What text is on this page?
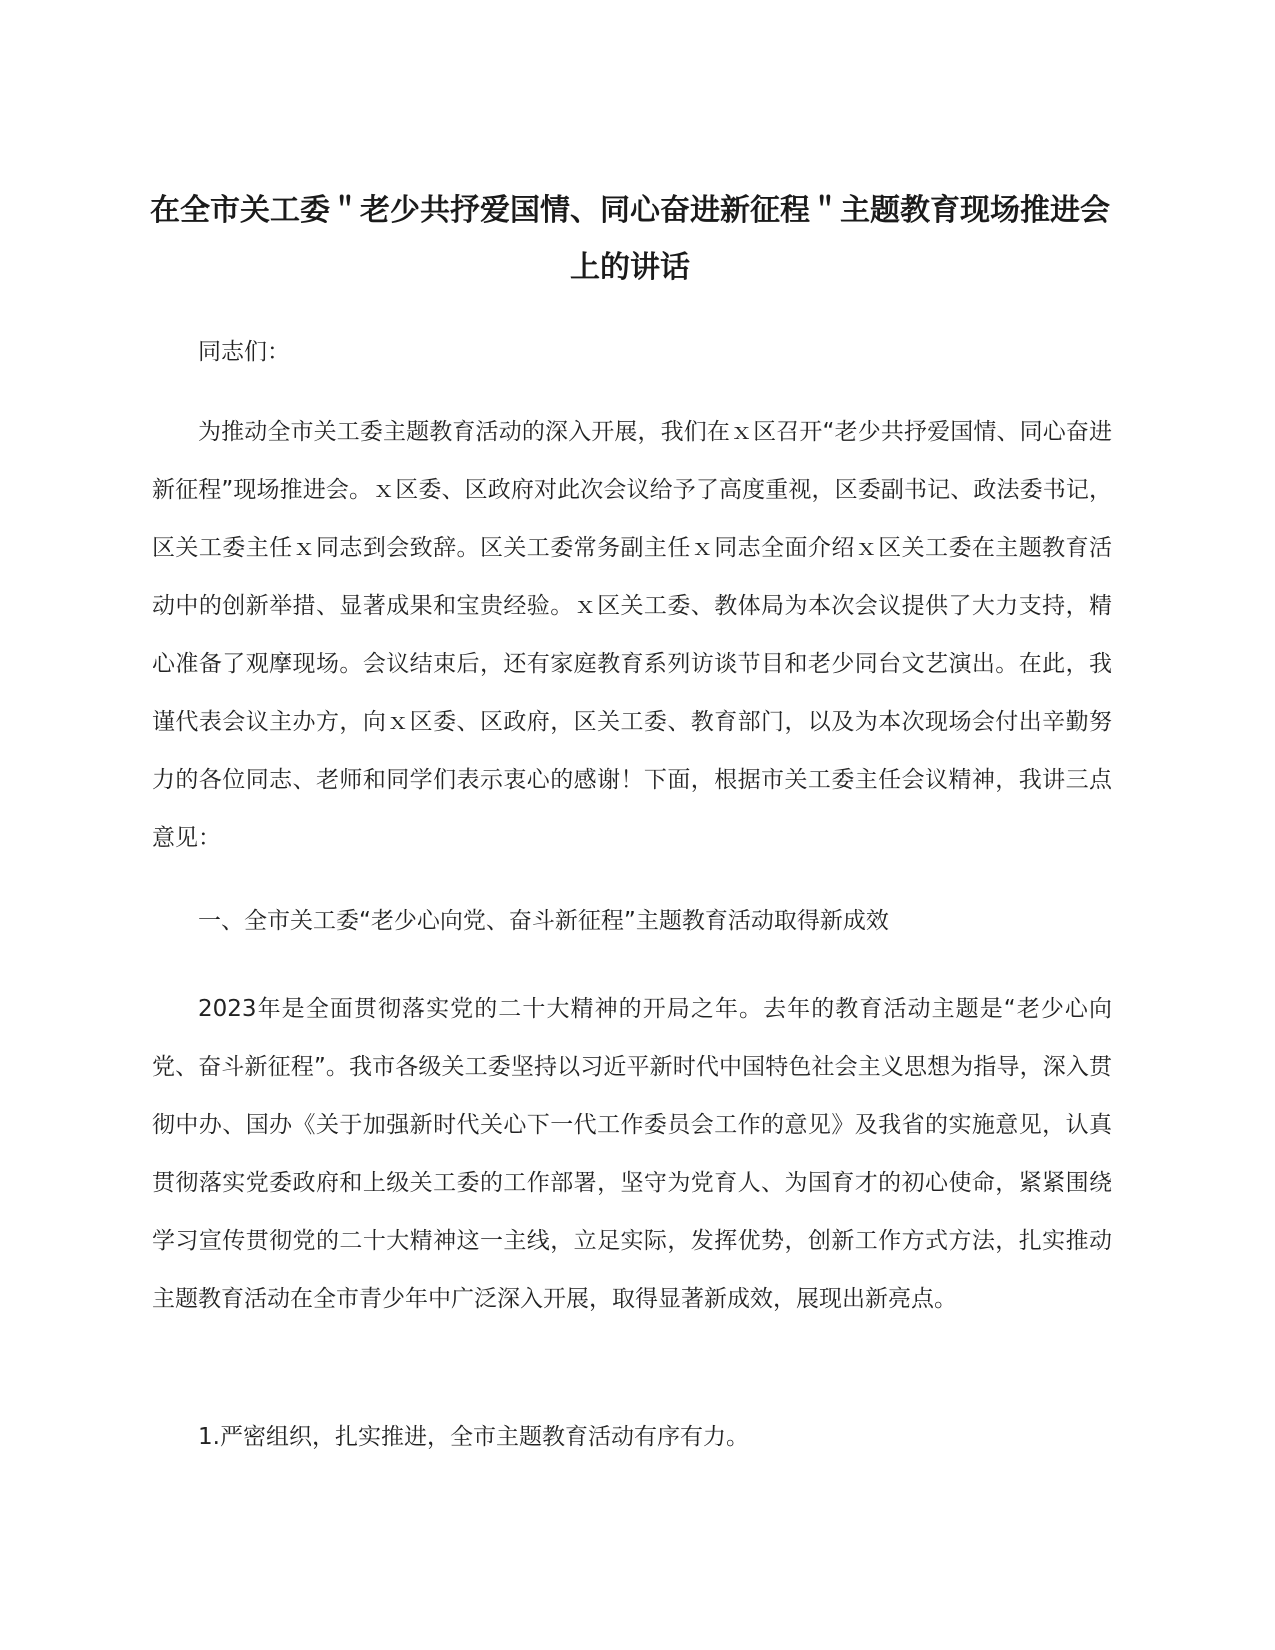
在全市关工委＂老少共抒爱国情、同心奋进新征程＂主题教育现场推进会上的讲话

同志们：

为推动全市关工委主题教育活动的深入开展，我们在ｘ区召开“老少共抒爱国情、同心奋进新征程”现场推进会。ｘ区委、区政府对此次会议给予了高度重视，区委副书记、政法委书记，区关工委主任ｘ同志到会致辞。区关工委常务副主任ｘ同志全面介绍ｘ区关工委在主题教育活动中的创新举措、显著成果和宝贵经验。ｘ区关工委、教体局为本次会议提供了大力支持，精心准备了观摩现场。会议结束后，还有家庭教育系列访谈节目和老少同台文艺演出。在此，我谨代表会议主办方，向ｘ区委、区政府，区关工委、教育部门，以及为本次现场会付出辛勤努力的各位同志、老师和同学们表示衷心的感谢！下面，根据市关工委主任会议精神，我讲三点意见：

一、全市关工委“老少心向党、奋斗新征程”主题教育活动取得新成效

2023年是全面贯彻落实党的二十大精神的开局之年。去年的教育活动主题是“老少心向党、奋斗新征程”。我市各级关工委坚持以习近平新时代中国特色社会主义思想为指导，深入贯彻中办、国办《关于加强新时代关心下一代工作委员会工作的意见》及我省的实施意见，认真贯彻落实党委政府和上级关工委的工作部署，坚守为党育人、为国育才的初心使命，紧紧围绕学习宣传贯彻党的二十大精神这一主线，立足实际，发挥优势，创新工作方式方法，扎实推动主题教育活动在全市青少年中广泛深入开展，取得显著新成效，展现出新亮点。

1.严密组织，扎实推进，全市主题教育活动有序有力。
